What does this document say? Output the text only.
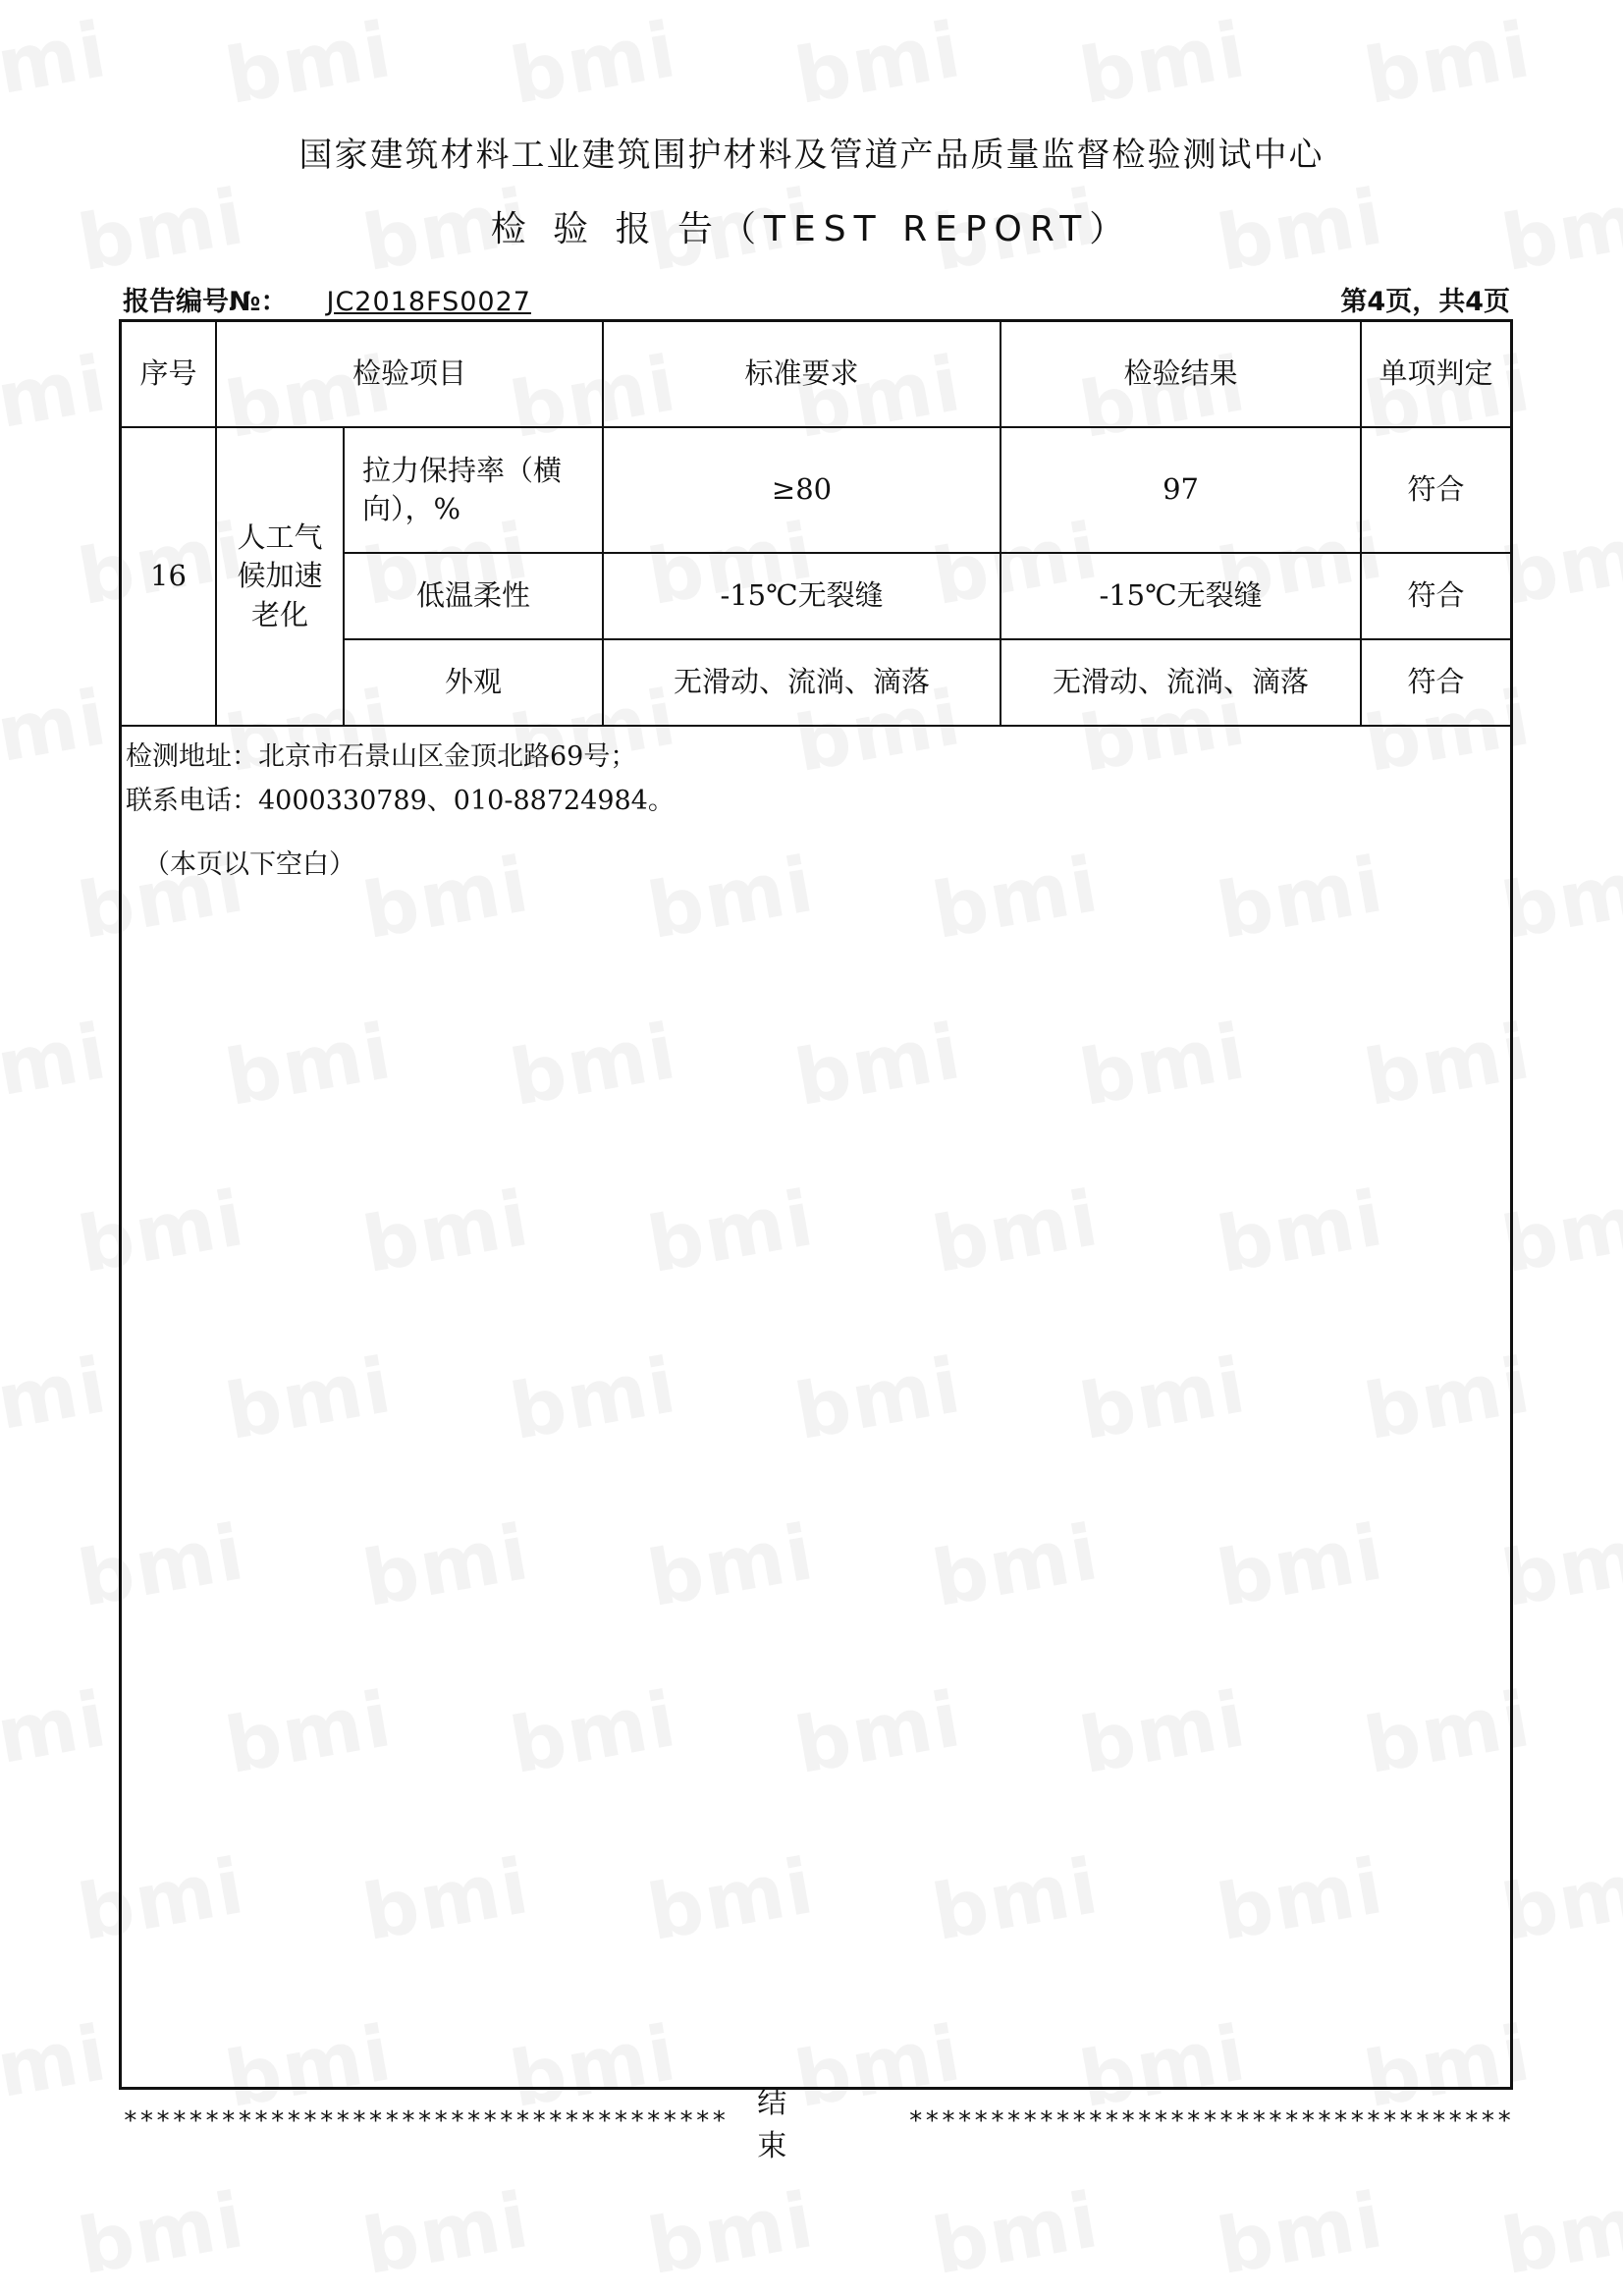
国家建筑材料工业建筑围护材料及管道产品质量监督检验测试中心
检 验 报 告（TEST REPORT）
报告编号№： JC2018FS0027	第4页，共4页
序号	检验项目		标准要求	检验结果	单项判定
16	人工气候加速老化	拉力保持率（横向），%	≥80	97	符合
		低温柔性	-15℃无裂缝	-15℃无裂缝	符合
		外观	无滑动、流淌、滴落	无滑动、流淌、滴落	符合
检测地址：北京市石景山区金顶北路69号；
联系电话：4000330789、010-88724984。
（本页以下空白）
*************************************
结 束
*************************************
